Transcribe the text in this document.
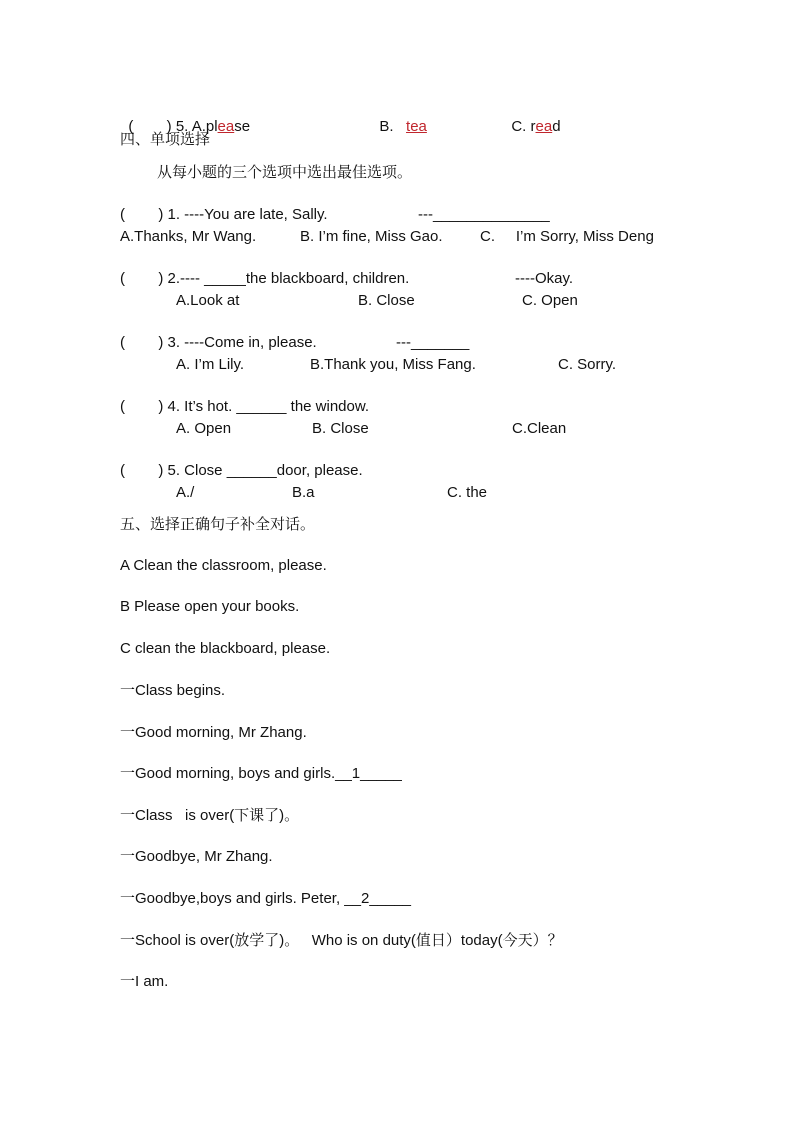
(        ) 5. A.please	B.   tea	C. read

四、单项选择
从每小题的三个选项中选出最佳选项。
(        ) 1. ----You are late, Sally.	---______________
A.Thanks, Mr Wang.	B. I’m fine, Miss Gao. C.     I’m Sorry, Miss Deng
(        ) 2.---- _____the blackboard, children.	----Okay.
A.Look at	B. Close	C. Open
(        ) 3. ----Come in, please.	---_______
A. I’m Lily.	B.Thank you, Miss Fang.	C. Sorry.
(        ) 4. It’s hot. ______ the window.
A. Open	B. Close	C.Clean
(        ) 5. Close ______door, please.
A./	B.a	C. the
五、选择正确句子补全对话。
A Clean the classroom, please.
B Please open your books.
C clean the blackboard, please.
一Class begins.
一Good morning, Mr Zhang.
一Good morning, boys and girls.__1_____
一Class   is over(下课了)。
一Goodbye, Mr Zhang.
一Goodbye,boys and girls. Peter, __2_____
一School is over(放学了)。   Who is on duty(值日）today(今天）？
一I am.
